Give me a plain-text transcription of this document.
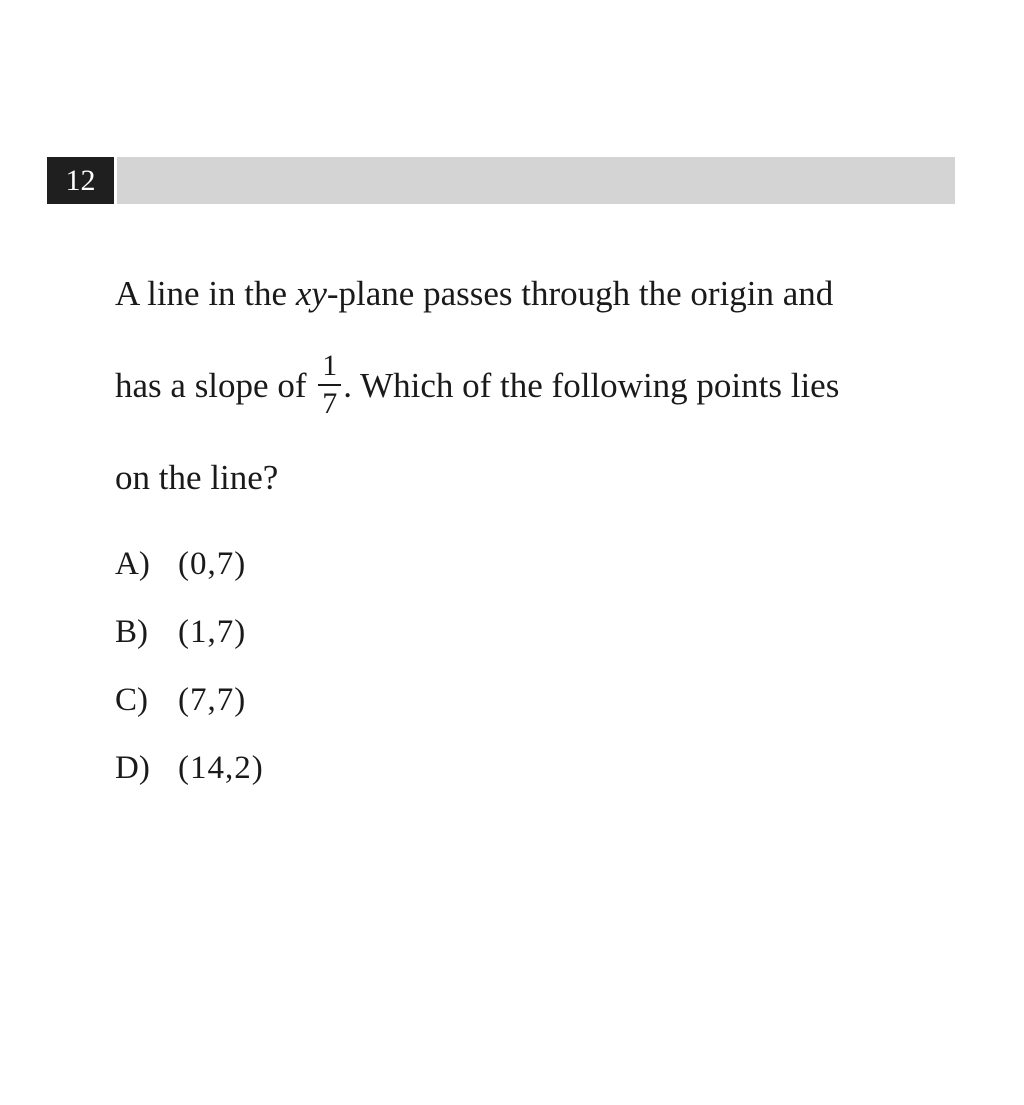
12
A line in the xy-plane passes through the origin and
has a slope of $\frac{1}{7}$ . Which of the following points lies
on the line?
A) (0,7)
B) (1,7)
C) (7,7)
D) (14,2)
